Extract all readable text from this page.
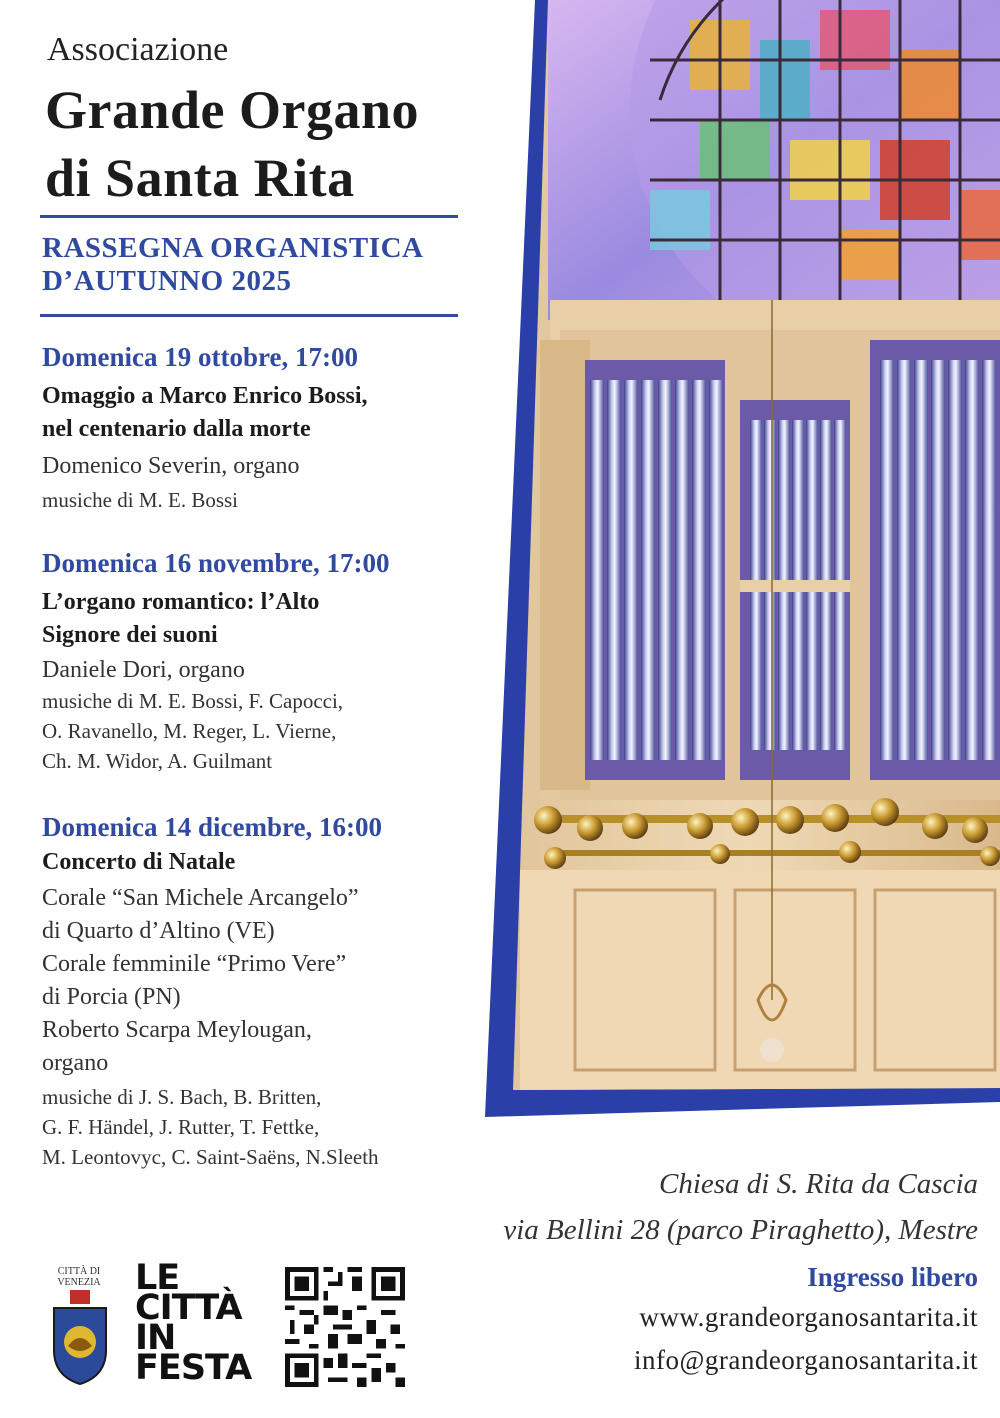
Associazione
Grande Organo
di Santa Rita
RASSEGNA ORGANISTICA
D’AUTUNNO 2025
Domenica 19 ottobre, 17:00
Omaggio a Marco Enrico Bossi,
nel centenario dalla morte
Domenico Severin, organo
musiche di M. E. Bossi
Domenica 16 novembre, 17:00
L’organo romantico: l’Alto
Signore dei suoni
Daniele Dori, organo
musiche di M. E. Bossi, F. Capocci,
O. Ravanello, M. Reger, L. Vierne,
Ch. M. Widor, A. Guilmant
Domenica 14 dicembre, 16:00
Concerto di Natale
Corale “San Michele Arcangelo”
di Quarto d’Altino (VE)
Corale femminile “Primo Vere”
di Porcia (PN)
Roberto Scarpa Meylougan,
organo
musiche di J. S. Bach, B. Britten,
G. F. Händel, J. Rutter, T. Fettke,
M. Leontovyc, C. Saint-Saëns, N.Sleeth
Chiesa di S. Rita da Cascia
via Bellini 28 (parco Piraghetto), Mestre
Ingresso libero
www.grandeorganosantarita.it
info@grandeorganosantarita.it
CITTÀ DI VENEZIA LE
CITTÀ
IN
FESTA
